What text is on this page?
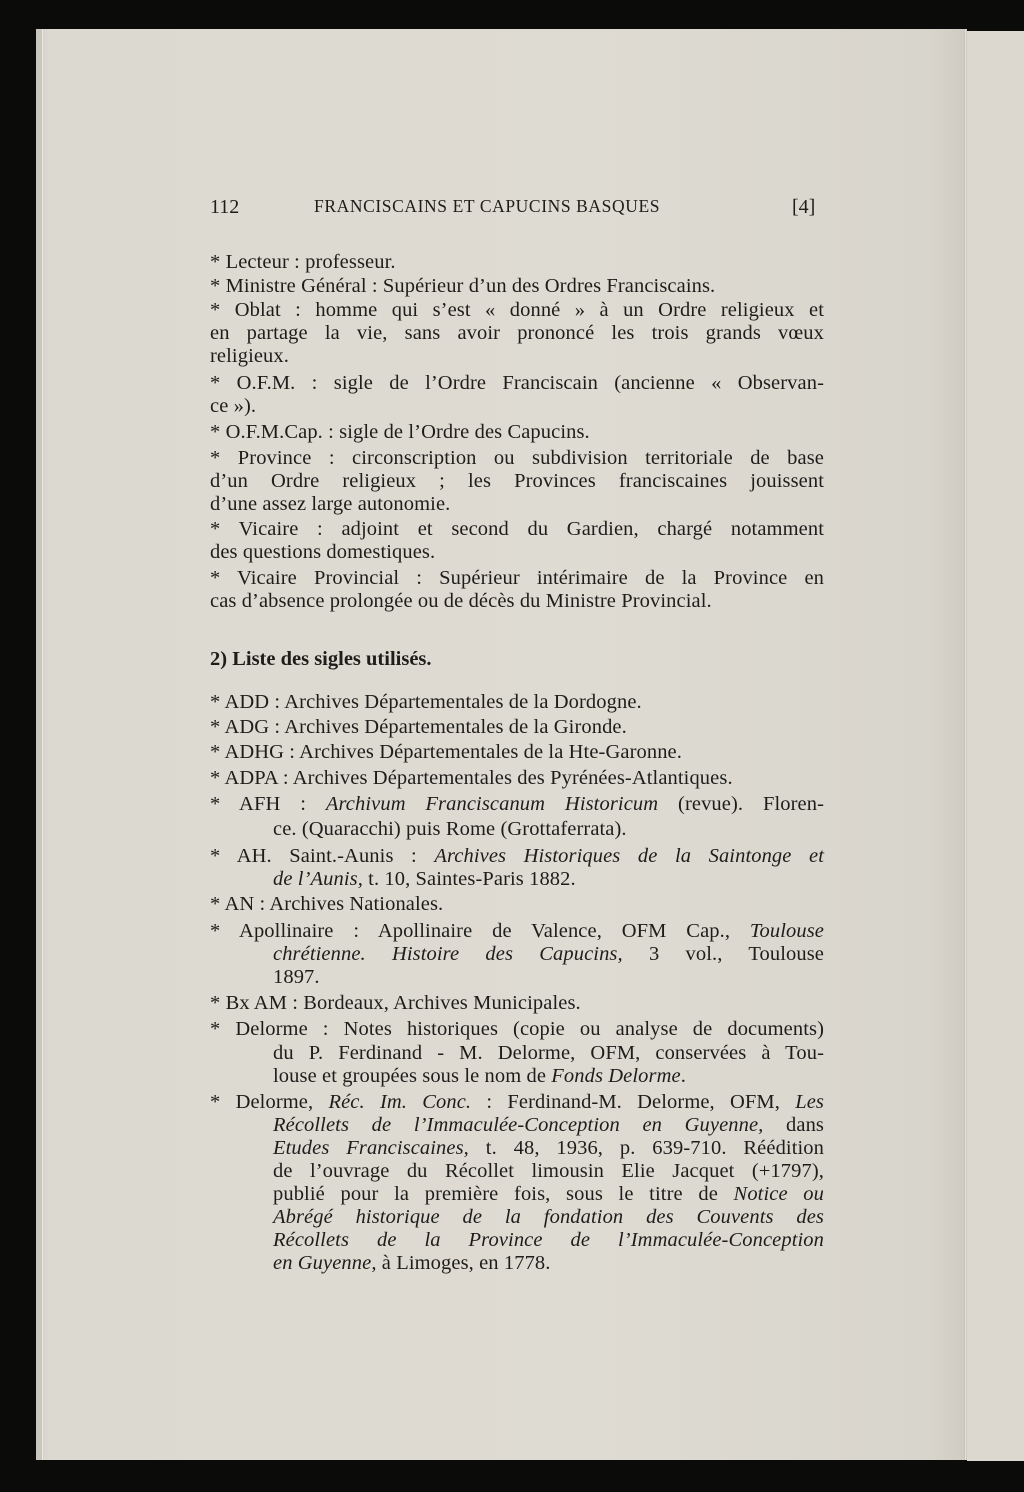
112	FRANCISCAINS ET CAPUCINS BASQUES	[4]
* Lecteur : professeur.
* Ministre Général : Supérieur d’un des Ordres Franciscains.
* Oblat : homme qui s’est « donné » à un Ordre religieux et
en partage la vie, sans avoir prononcé les trois grands vœux
religieux.
* O.F.M. : sigle de l’Ordre Franciscain (ancienne « Observan-
ce »).
* O.F.M.Cap. : sigle de l’Ordre des Capucins.
* Province : circonscription ou subdivision territoriale de base
d’un Ordre religieux ; les Provinces franciscaines jouissent
d’une assez large autonomie.
* Vicaire : adjoint et second du Gardien, chargé notamment
des questions domestiques.
* Vicaire Provincial : Supérieur intérimaire de la Province en
cas d’absence prolongée ou de décès du Ministre Provincial.
2) Liste des sigles utilisés.
* ADD : Archives Départementales de la Dordogne.
* ADG : Archives Départementales de la Gironde.
* ADHG : Archives Départementales de la Hte-Garonne.
* ADPA : Archives Départementales des Pyrénées-Atlantiques.
* AFH : Archivum Franciscanum Historicum (revue). Floren-
ce. (Quaracchi) puis Rome (Grottaferrata).
* AH. Saint.-Aunis : Archives Historiques de la Saintonge et
de l’Aunis, t. 10, Saintes-Paris 1882.
* AN : Archives Nationales.
* Apollinaire : Apollinaire de Valence, OFM Cap., Toulouse
chrétienne. Histoire des Capucins, 3 vol., Toulouse
1897.
* Bx AM : Bordeaux, Archives Municipales.
* Delorme : Notes historiques (copie ou analyse de documents)
du P. Ferdinand - M. Delorme, OFM, conservées à Tou-
louse et groupées sous le nom de Fonds Delorme.
* Delorme, Réc. Im. Conc. : Ferdinand-M. Delorme, OFM, Les
Récollets de l’Immaculée-Conception en Guyenne, dans
Etudes Franciscaines, t. 48, 1936, p. 639-710. Réédition
de l’ouvrage du Récollet limousin Elie Jacquet (+1797),
publié pour la première fois, sous le titre de Notice ou
Abrégé historique de la fondation des Couvents des
Récollets de la Province de l’Immaculée-Conception
en Guyenne, à Limoges, en 1778.
